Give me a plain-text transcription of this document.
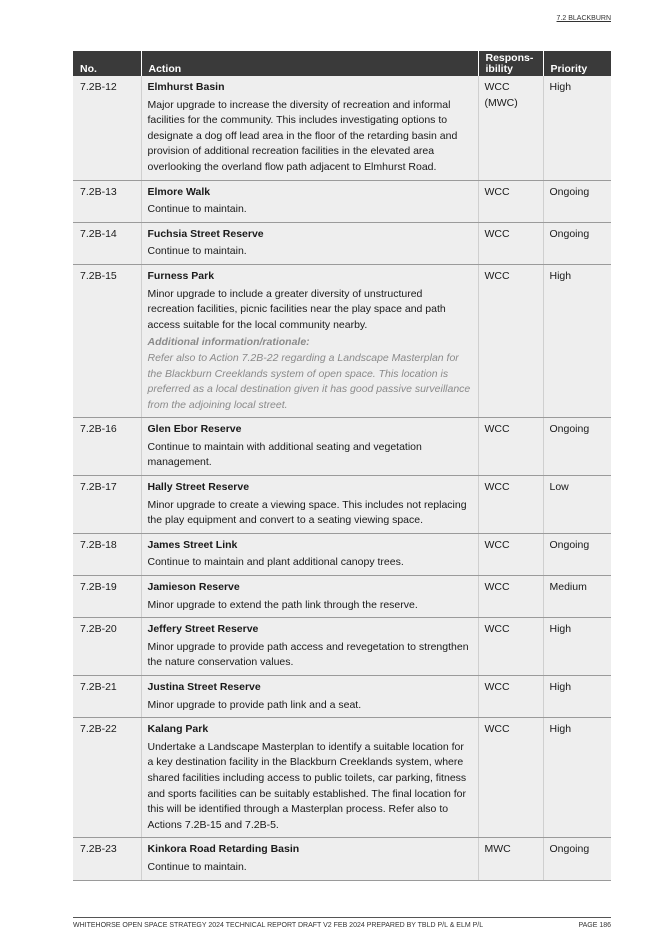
7.2 BLACKBURN
No.	Action	Respons-
ibility	Priority
7.2B-12	Elmhurst Basin
Major upgrade to increase the diversity of recreation and informal facilities for the community. This includes investigating options to designate a dog off lead area in the floor of the retarding basin and provision of additional recreation facilities in the elevated area overlooking the overland flow path adjacent to Elmhurst Road.	WCC
(MWC)	High
7.2B-13	Elmore Walk
Continue to maintain.	WCC	Ongoing
7.2B-14	Fuchsia Street Reserve
Continue to maintain.	WCC	Ongoing
7.2B-15	Furness Park
Minor upgrade to include a greater diversity of unstructured recreation facilities, picnic facilities near the play space and path access suitable for the local community nearby.
Additional information/rationale:
Refer also to Action 7.2B-22 regarding a Landscape Masterplan for the Blackburn Creeklands system of open space. This location is preferred as a local destination given it has good passive surveillance from the adjoining local street.	WCC	High
7.2B-16	Glen Ebor Reserve
Continue to maintain with additional seating and vegetation management.	WCC	Ongoing
7.2B-17	Hally Street Reserve
Minor upgrade to create a viewing space. This includes not replacing the play equipment and convert to a seating viewing space.	WCC	Low
7.2B-18	James Street Link
Continue to maintain and plant additional canopy trees.	WCC	Ongoing
7.2B-19	Jamieson Reserve
Minor upgrade to extend the path link through the reserve.	WCC	Medium
7.2B-20	Jeffery Street Reserve
Minor upgrade to provide path access and revegetation to strengthen the nature conservation values.	WCC	High
7.2B-21	Justina Street Reserve
Minor upgrade to provide path link and a seat.	WCC	High
7.2B-22	Kalang Park
Undertake a Landscape Masterplan to identify a suitable location for a key destination facility in the Blackburn Creeklands system, where shared facilities including access to public toilets, car parking, fitness and sports facilities can be suitably established. The final location for this will be identified through a Masterplan process. Refer also to Actions 7.2B-15 and 7.2B-5.	WCC	High
7.2B-23	Kinkora Road Retarding Basin
Continue to maintain.	MWC	Ongoing
WHITEHORSE OPEN SPACE STRATEGY 2024 TECHNICAL REPORT DRAFT V2 FEB 2024 PREPARED BY TBLD P/L & ELM P/L	PAGE 186
